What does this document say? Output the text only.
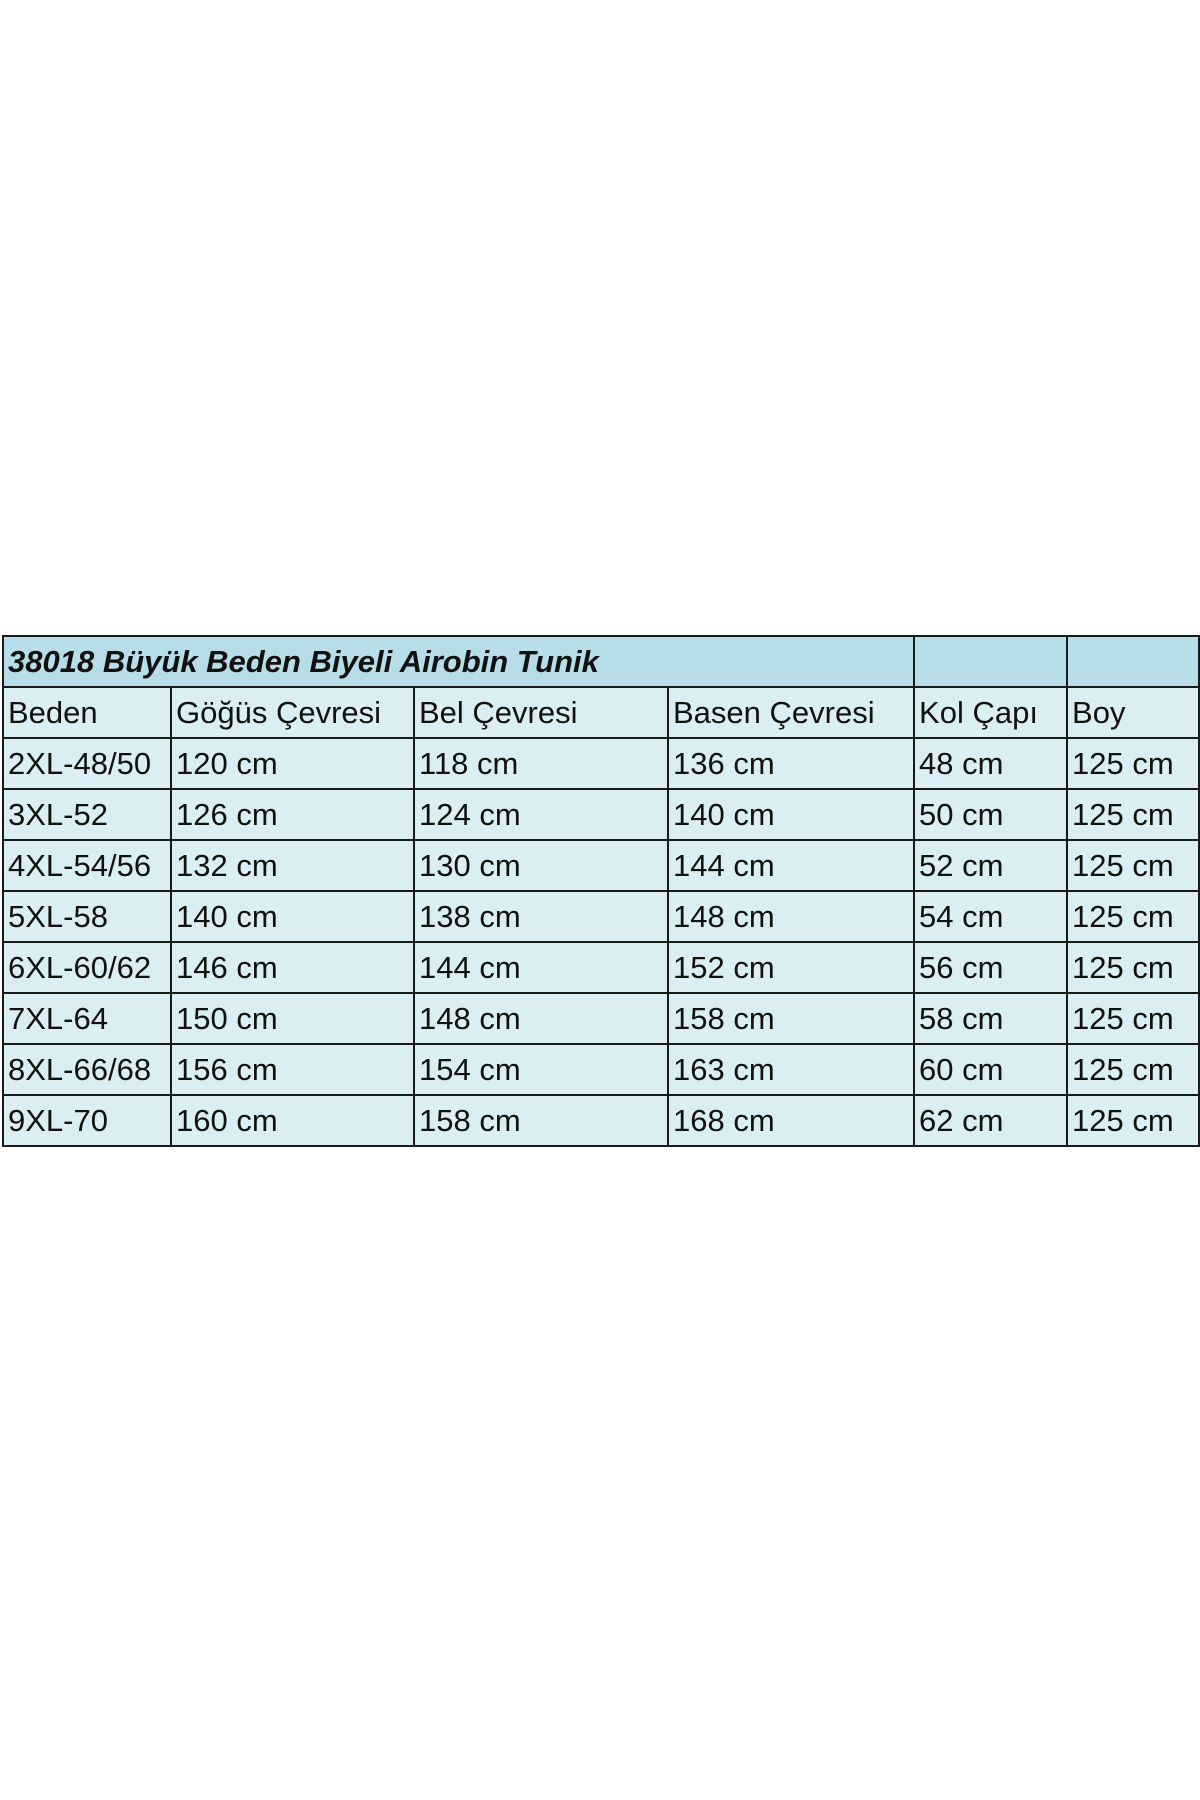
38018 Büyük Beden Biyeli Airobin Tunik					
Beden	Göğüs Çevresi	Bel Çevresi	Basen Çevresi	Kol Çapı	Boy
2XL-48/50	120 cm	118 cm	136 cm	48 cm	125 cm
3XL-52	126 cm	124 cm	140 cm	50 cm	125 cm
4XL-54/56	132 cm	130 cm	144 cm	52 cm	125 cm
5XL-58	140 cm	138 cm	148 cm	54 cm	125 cm
6XL-60/62	146 cm	144 cm	152 cm	56 cm	125 cm
7XL-64	150 cm	148 cm	158 cm	58 cm	125 cm
8XL-66/68	156 cm	154 cm	163 cm	60 cm	125 cm
9XL-70	160 cm	158 cm	168 cm	62 cm	125 cm
